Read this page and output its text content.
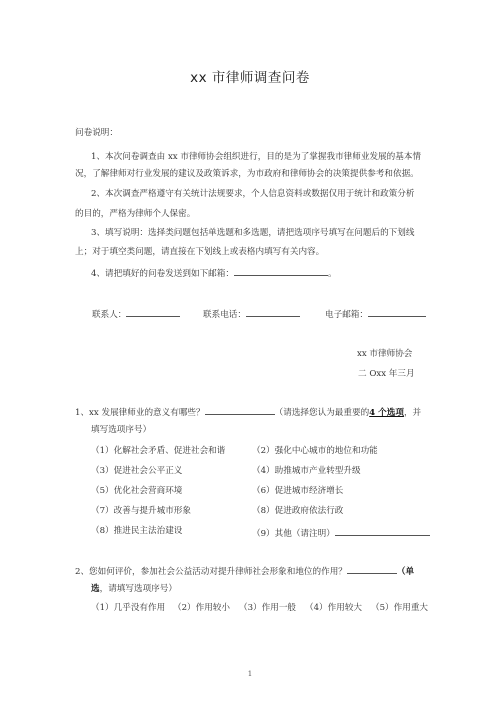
xx 市律师调查问卷
问卷说明：
1、本次问卷调查由 xx 市律师协会组织进行，目的是为了掌握我市律师业发展的基本情
况，了解律师对行业发展的建议及政策诉求，为市政府和律师协会的决策提供参考和依据。
2、本次调查严格遵守有关统计法规要求，个人信息资料或数据仅用于统计和政策分析
的目的，严格为律师个人保密。
3、填写说明：选择类问题包括单选题和多选题，请把选项序号填写在问题后的下划线
上；对于填空类问题，请直接在下划线上或表格内填写有关内容。
4、请把填好的问卷发送到如下邮箱：	。
联系人：	联系电话：	电子邮箱：
xx 市律师协会
二 Oxx 年三月
1、xx 发展律师业的意义有哪些？	（请选择您认为最重要的4 个选项，并
填写选项序号）
（1）化解社会矛盾、促进社会和谐	（2）强化中心城市的地位和功能
（3）促进社会公平正义	（4）助推城市产业转型升级
（5）优化社会营商环境	（6）促进城市经济增长
（7）改善与提升城市形象	（8）促进政府依法行政
（8）推进民主法治建设	（9）其他（请注明）
2、您如何评价，参加社会公益活动对提升律师社会形象和地位的作用？	（单
选，请填写选项序号）
（1）几乎没有作用 （2）作用较小 （3）作用一般 （4）作用较大 （5）作用重大
1
